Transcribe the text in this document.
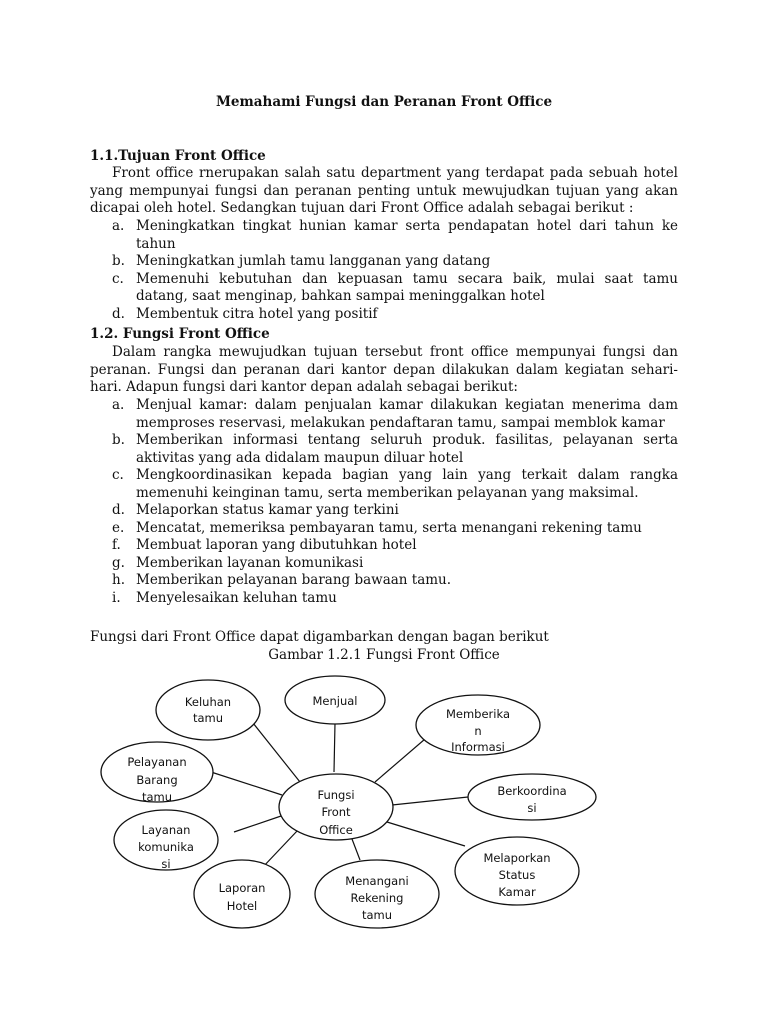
Memahami Fungsi dan Peranan Front Office
1.1.Tujuan Front Office
Front office rnerupakan salah satu department yang terdapat pada sebuah hotel yang mempunyai fungsi dan peranan penting untuk mewujudkan tujuan yang akan dicapai oleh hotel. Sedangkan tujuan dari Front Office adalah sebagai berikut :
a. Meningkatkan tingkat hunian kamar serta pendapatan hotel dari tahun ke tahun
b. Meningkatkan jumlah tamu langganan yang datang
c. Memenuhi kebutuhan dan kepuasan tamu secara baik, mulai saat tamu datang, saat menginap, bahkan sampai meninggalkan hotel
d. Membentuk citra hotel yang positif
1.2. Fungsi Front Office
Dalam rangka mewujudkan tujuan tersebut front office mempunyai fungsi dan peranan. Fungsi dan peranan dari kantor depan dilakukan dalam kegiatan sehari-hari. Adapun fungsi dari kantor depan adalah sebagai berikut:
a. Menjual kamar: dalam penjualan kamar dilakukan kegiatan menerima dam memproses reservasi, melakukan pendaftaran tamu, sampai memblok kamar
b. Memberikan informasi tentang seluruh produk. fasilitas, pelayanan serta aktivitas yang ada didalam maupun diluar hotel
c. Mengkoordinasikan kepada bagian yang lain yang terkait dalam rangka memenuhi keinginan tamu, serta memberikan pelayanan yang maksimal.
d. Melaporkan status kamar yang terkini
e. Mencatat, memeriksa pembayaran tamu, serta menangani rekening tamu
f. Membuat laporan yang dibutuhkan hotel
g. Memberikan layanan komunikasi
h. Memberikan pelayanan barang bawaan tamu.
i. Menyelesaikan keluhan tamu
Fungsi dari Front Office dapat digambarkan dengan bagan berikut
Gambar 1.2.1 Fungsi Front Office
Keluhan tamu
Menjual
Memberika n Informasi
Pelayanan Barang tamu	Berkoordina si
Layanan komunika si	Melaporkan Status Kamar
Laporan Hotel
Menangani Rekening tamu
Fungsi Front Office
